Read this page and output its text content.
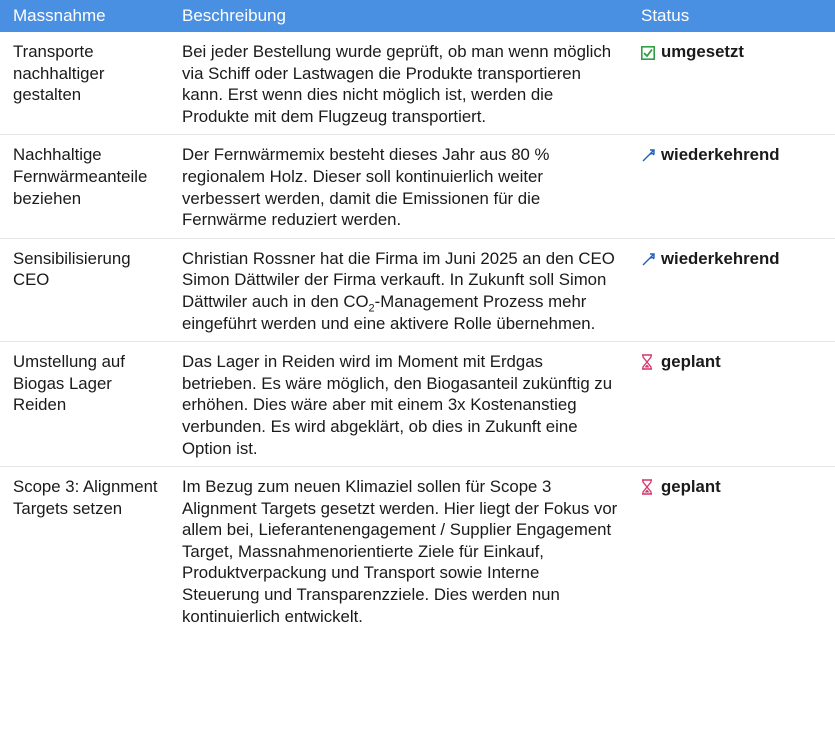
Massnahme	Beschreibung	Status
Transporte nachhaltiger gestalten
Bei jeder Bestellung wurde geprüft, ob man wenn möglich via Schiff oder Lastwagen die Produkte transportieren kann. Erst wenn dies nicht möglich ist, werden die Produkte mit dem Flugzeug transportiert.
umgesetzt
Nachhaltige Fernwärmeanteile beziehen
Der Fernwärmemix besteht dieses Jahr aus 80 % regionalem Holz. Dieser soll kontinuierlich weiter verbessert werden, damit die Emissionen für die Fernwärme reduziert werden.
wiederkehrend
Sensibilisierung CEO
Christian Rossner hat die Firma im Juni 2025 an den CEO Simon Dättwiler der Firma verkauft. In Zukunft soll Simon Dättwiler auch in den $CO_2$-Management Prozess mehr eingeführt werden und eine aktivere Rolle übernehmen.
wiederkehrend
Umstellung auf Biogas Lager Reiden
Das Lager in Reiden wird im Moment mit Erdgas betrieben. Es wäre möglich, den Biogasanteil zukünftig zu erhöhen. Dies wäre aber mit einem 3x Kostenanstieg verbunden. Es wird abgeklärt, ob dies in Zukunft eine Option ist.
geplant
Scope 3: Alignment Targets setzen
Im Bezug zum neuen Klimaziel sollen für Scope 3 Alignment Targets gesetzt werden. Hier liegt der Fokus vor allem bei, Lieferantenengagement / Supplier Engagement Target, Massnahmenorientierte Ziele für Einkauf, Produktverpackung und Transport sowie Interne Steuerung und Transparenzziele. Dies werden nun kontinuierlich entwickelt.
geplant
